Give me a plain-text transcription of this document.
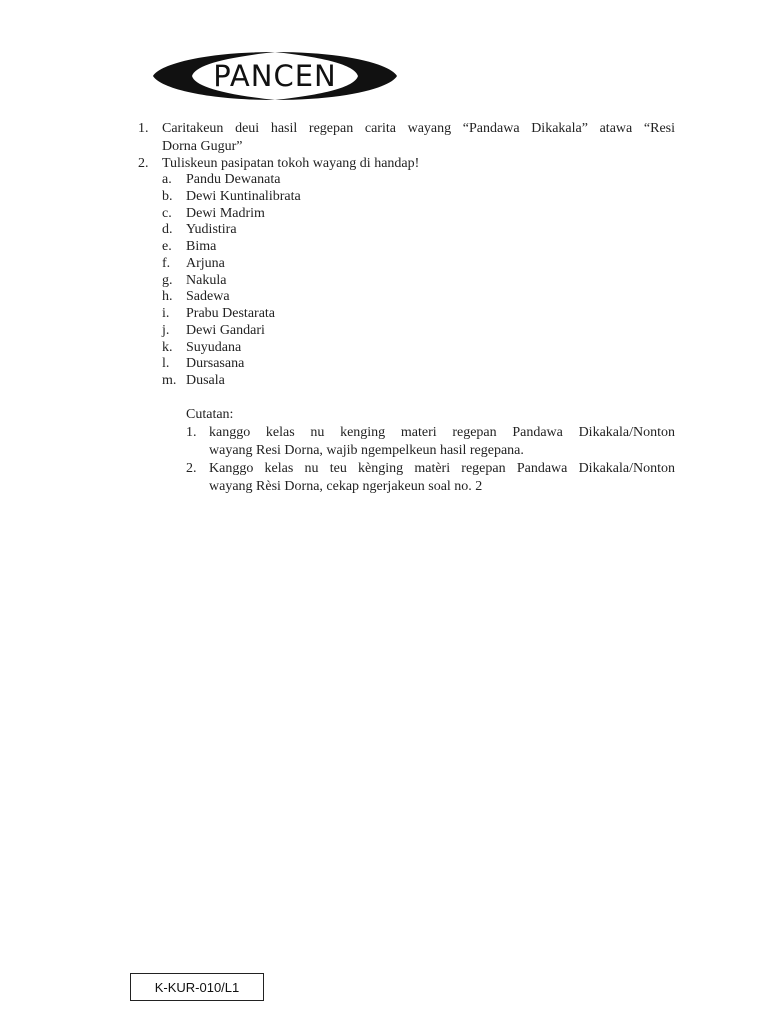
PANCEN
1. Caritakeun deui hasil regepan carita wayang “Pandawa Dikakala” atawa “Resi
Dorna Gugur”
2. Tuliskeun pasipatan tokoh wayang di handap!
a.	Pandu Dewanata
b. Dewi Kuntinalibrata
c.	Dewi Madrim
d. Yudistira
e.	Bima
f.	Arjuna
g. Nakula
h. Sadewa
i.	Prabu Destarata
j.	Dewi Gandari
k. Suyudana
l.	Dursasana
m. Dusala
Cutatan:
1. kanggo kelas nu kenging materi regepan Pandawa Dikakala/Nonton
wayang Resi Dorna, wajib ngempelkeun hasil regepana.
2. Kanggo kelas nu teu kènging matèri regepan Pandawa Dikakala/Nonton
wayang Rèsi Dorna, cekap ngerjakeun soal no. 2
K-KUR-010/L1
